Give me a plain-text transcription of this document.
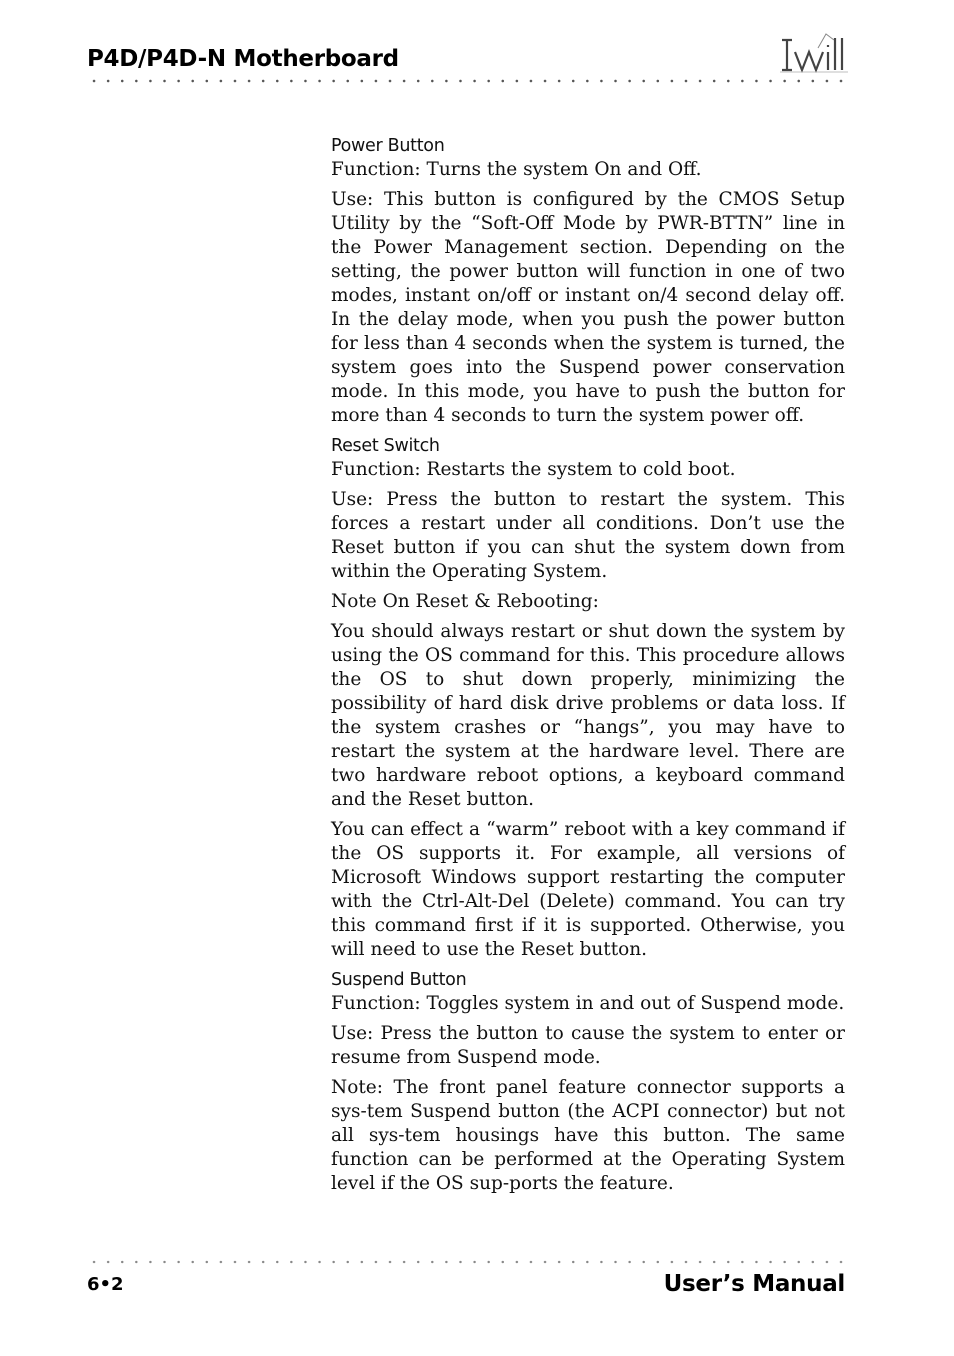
P4D/P4D-N Motherboard
Power Button

Function: Turns the system On and Off.

Use: This button is configured by the CMOS Setup Utility by the “Soft-Off Mode by PWR-BTTN” line in the Power Management section. Depending on the setting, the power button will function in one of two modes, instant on/off or instant on/4 second delay off. In the delay mode, when you push the power button for less than 4 seconds when the system is turned, the system goes into the Suspend power conservation mode. In this mode, you have to push the button for more than 4 seconds to turn the system power off.

Reset Switch

Function: Restarts the system to cold boot.

Use: Press the button to restart the system. This forces a restart under all conditions. Don’t use the Reset button if you can shut the system down from within the Operating System.

Note On Reset & Rebooting:

You should always restart or shut down the system by using the OS command for this. This procedure allows the OS to shut down properly, minimizing the possibility of hard disk drive problems or data loss. If the system crashes or “hangs”, you may have to restart the system at the hardware level. There are two hardware reboot options, a keyboard command and the Reset button.

You can effect a “warm” reboot with a key command if the OS supports it. For example, all versions of Microsoft Windows support restarting the computer with the Ctrl-Alt-Del (Delete) command. You can try this command first if it is supported. Otherwise, you will need to use the Reset button.

Suspend Button

Function: Toggles system in and out of Suspend mode.

Use: Press the button to cause the system to enter or resume from Suspend mode.

Note: The front panel feature connector supports a sys-tem Suspend button (the ACPI connector) but not all sys-tem housings have this button. The same function can be performed at the Operating System level if the OS sup-ports the feature.

6•2	User’s Manual
